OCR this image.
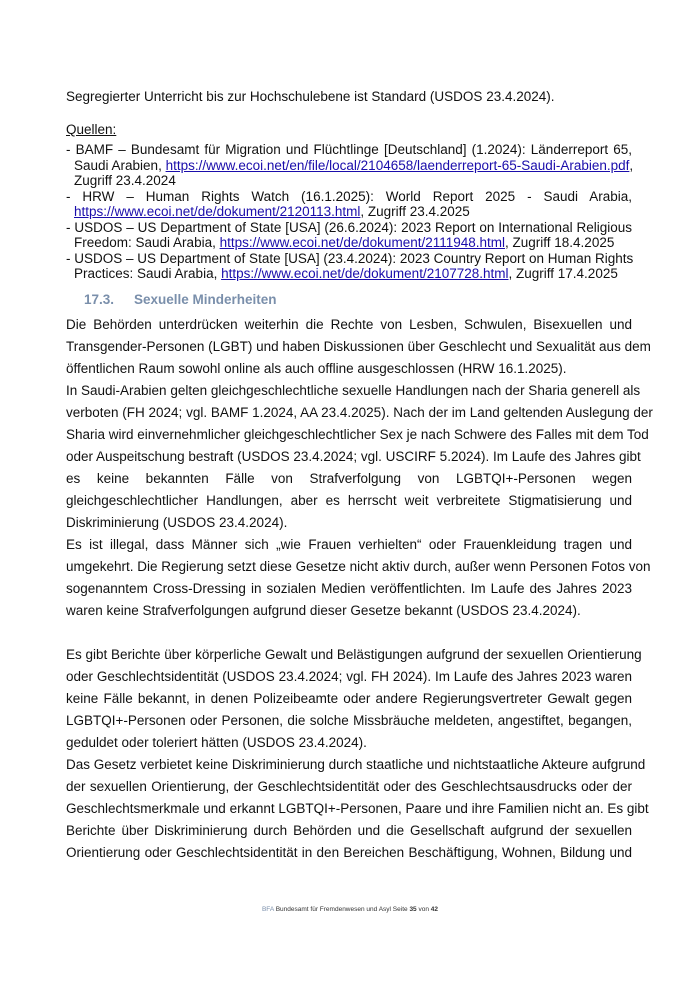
Segregierter Unterricht bis zur Hochschulebene ist Standard (USDOS 23.4.2024).
Quellen:
- BAMF – Bundesamt für Migration und Flüchtlinge [Deutschland] (1.2024): Länderreport 65,
Saudi Arabien, https://www.ecoi.net/en/file/local/2104658/laenderreport-65-Saudi-Arabien.pdf,
Zugriff 23.4.2024
- HRW – Human Rights Watch (16.1.2025): World Report 2025 - Saudi Arabia,
https://www.ecoi.net/de/dokument/2120113.html, Zugriff 23.4.2025
- USDOS – US Department of State [USA] (26.6.2024): 2023 Report on International Religious
Freedom: Saudi Arabia, https://www.ecoi.net/de/dokument/2111948.html, Zugriff 18.4.2025
- USDOS – US Department of State [USA] (23.4.2024): 2023 Country Report on Human Rights
Practices: Saudi Arabia, https://www.ecoi.net/de/dokument/2107728.html, Zugriff 17.4.2025
17.3. Sexuelle Minderheiten
Die Behörden unterdrücken weiterhin die Rechte von Lesben, Schwulen, Bisexuellen und
Transgender-Personen (LGBT) und haben Diskussionen über Geschlecht und Sexualität aus dem
öffentlichen Raum sowohl online als auch offline ausgeschlossen (HRW 16.1.2025).
In Saudi-Arabien gelten gleichgeschlechtliche sexuelle Handlungen nach der Sharia generell als
verboten (FH 2024; vgl. BAMF 1.2024, AA 23.4.2025). Nach der im Land geltenden Auslegung der
Sharia wird einvernehmlicher gleichgeschlechtlicher Sex je nach Schwere des Falles mit dem Tod
oder Auspeitschung bestraft (USDOS 23.4.2024; vgl. USCIRF 5.2024). Im Laufe des Jahres gibt
es keine bekannten Fälle von Strafverfolgung von LGBTQI+-Personen wegen
gleichgeschlechtlicher Handlungen, aber es herrscht weit verbreitete Stigmatisierung und
Diskriminierung (USDOS 23.4.2024).
Es ist illegal, dass Männer sich „wie Frauen verhielten“ oder Frauenkleidung tragen und
umgekehrt. Die Regierung setzt diese Gesetze nicht aktiv durch, außer wenn Personen Fotos von
sogenanntem Cross-Dressing in sozialen Medien veröffentlichten. Im Laufe des Jahres 2023
waren keine Strafverfolgungen aufgrund dieser Gesetze bekannt (USDOS 23.4.2024).

Es gibt Berichte über körperliche Gewalt und Belästigungen aufgrund der sexuellen Orientierung
oder Geschlechtsidentität (USDOS 23.4.2024; vgl. FH 2024). Im Laufe des Jahres 2023 waren
keine Fälle bekannt, in denen Polizeibeamte oder andere Regierungsvertreter Gewalt gegen
LGBTQI+-Personen oder Personen, die solche Missbräuche meldeten, angestiftet, begangen,
geduldet oder toleriert hätten (USDOS 23.4.2024).
Das Gesetz verbietet keine Diskriminierung durch staatliche und nichtstaatliche Akteure aufgrund
der sexuellen Orientierung, der Geschlechtsidentität oder des Geschlechtsausdrucks oder der
Geschlechtsmerkmale und erkannt LGBTQI+-Personen, Paare und ihre Familien nicht an. Es gibt
Berichte über Diskriminierung durch Behörden und die Gesellschaft aufgrund der sexuellen
Orientierung oder Geschlechtsidentität in den Bereichen Beschäftigung, Wohnen, Bildung und
BFA Bundesamt für Fremdenwesen und Asyl Seite 35 von 42
